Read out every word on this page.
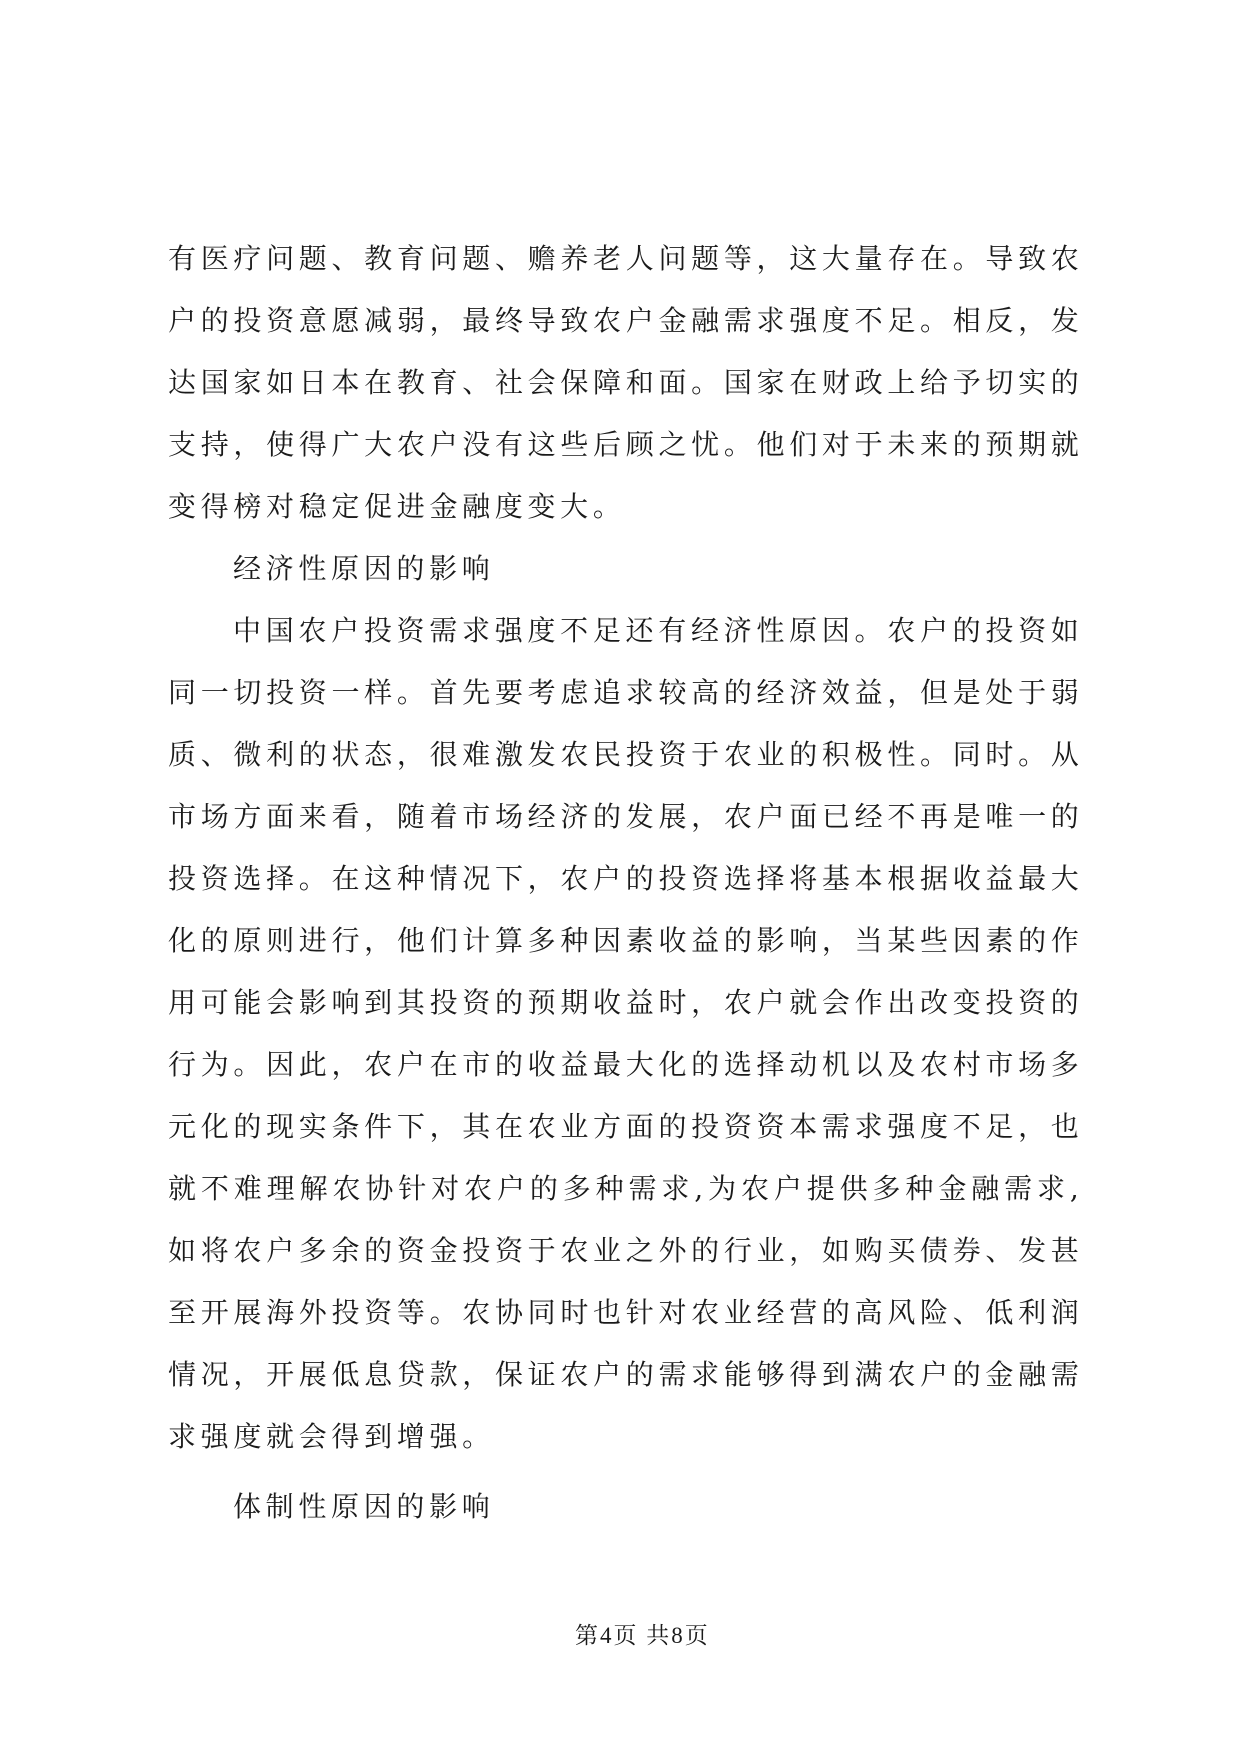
有医疗问题、教育问题、赡养老人问题等，这大量存在。导致农
户的投资意愿减弱，最终导致农户金融需求强度不足。相反，发
达国家如日本在教育、社会保障和面。国家在财政上给予切实的
支持，使得广大农户没有这些后顾之忧。他们对于未来的预期就
变得榜对稳定促进金融度变大。
经济性原因的影响
中国农户投资需求强度不足还有经济性原因。农户的投资如
同一切投资一样。首先要考虑追求较高的经济效益，但是处于弱
质、微利的状态，很难激发农民投资于农业的积极性。同时。从
市场方面来看，随着市场经济的发展，农户面已经不再是唯一的
投资选择。在这种情况下，农户的投资选择将基本根据收益最大
化的原则进行，他们计算多种因素收益的影响，当某些因素的作
用可能会影响到其投资的预期收益时，农户就会作出改变投资的
行为。因此，农户在市的收益最大化的选择动机以及农村市场多
元化的现实条件下，其在农业方面的投资资本需求强度不足，也
就不难理解农协针对农户的多种需求,为农户提供多种金融需求,
如将农户多余的资金投资于农业之外的行业，如购买债券、发甚
至开展海外投资等。农协同时也针对农业经营的高风险、低利润
情况，开展低息贷款，保证农户的需求能够得到满农户的金融需
求强度就会得到增强。
体制性原因的影响
第4页 共8页
